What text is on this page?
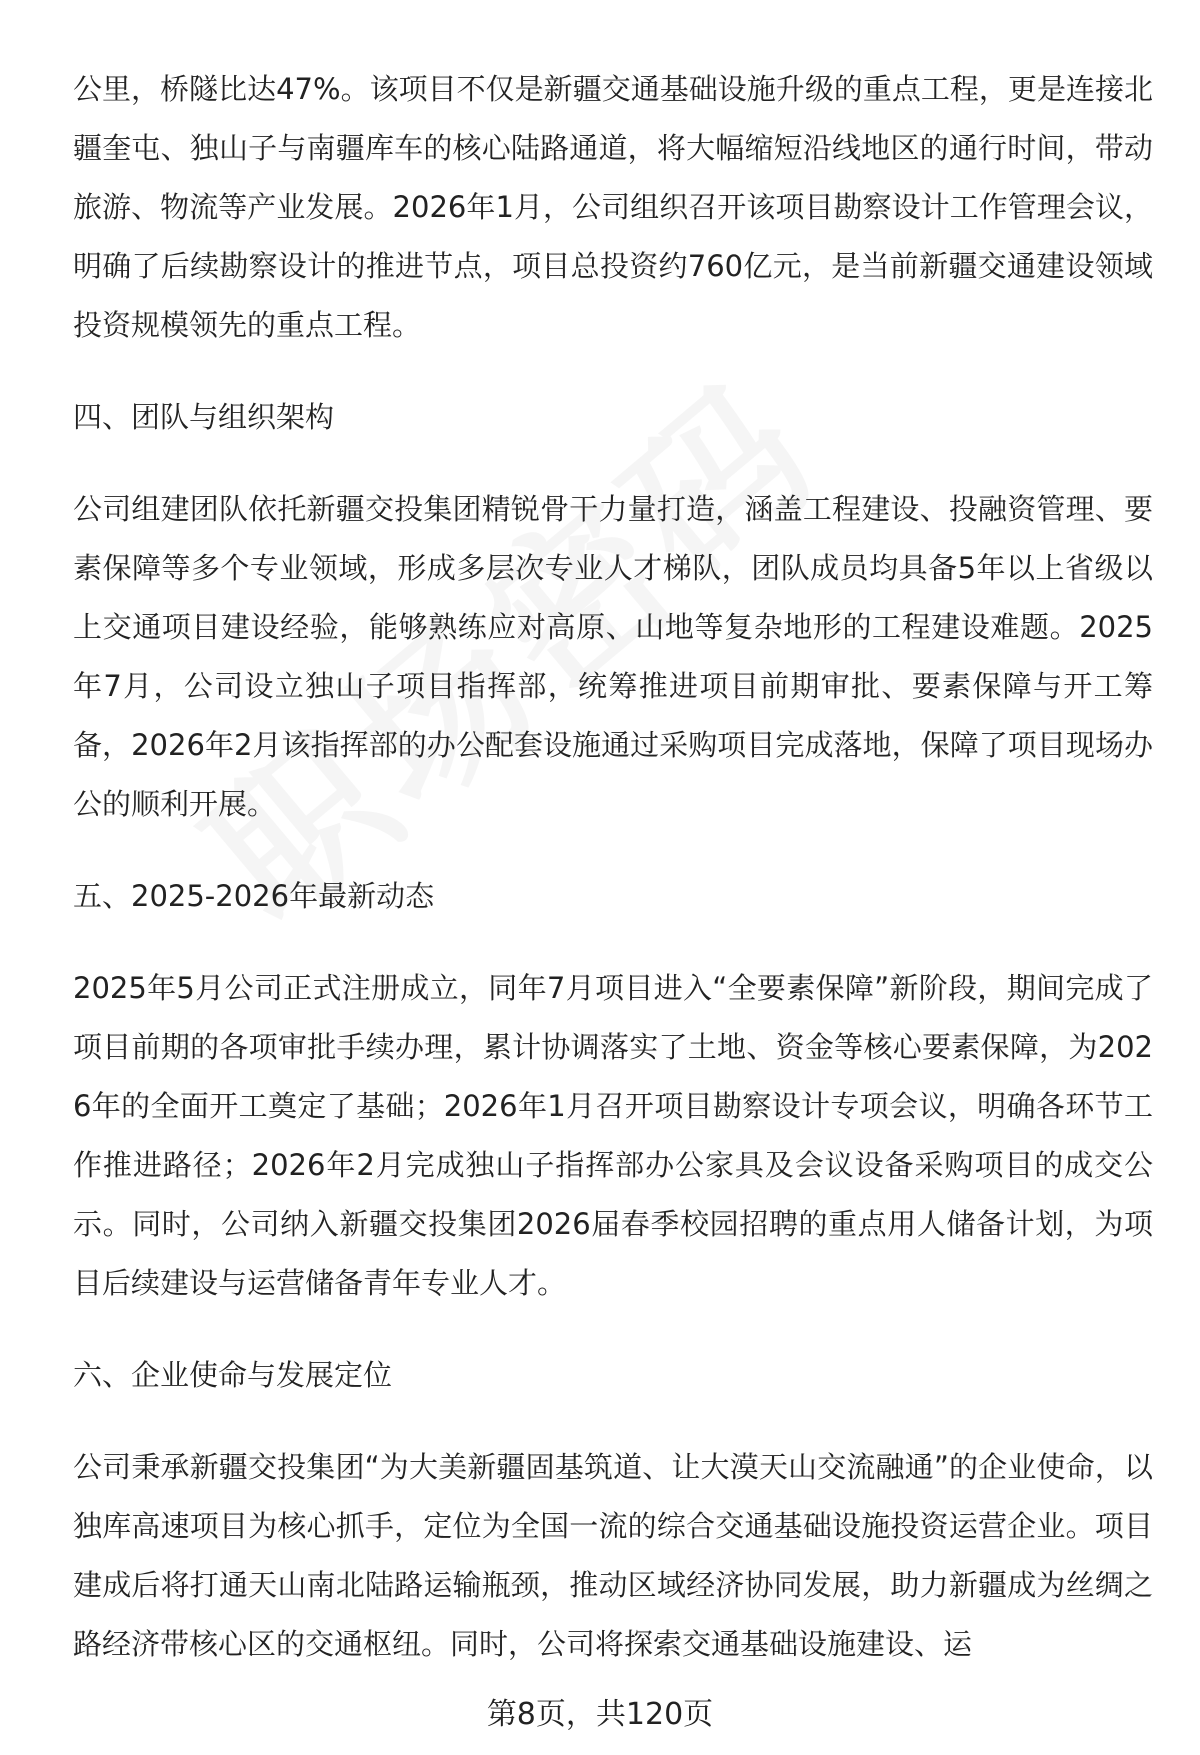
公里，桥隧比达47%。该项目不仅是新疆交通基础设施升级的重点工程，更是连接北疆奎屯、独山子与南疆库车的核心陆路通道，将大幅缩短沿线地区的通行时间，带动旅游、物流等产业发展。2026年1月，公司组织召开该项目勘察设计工作管理会议，明确了后续勘察设计的推进节点，项目总投资约760亿元，是当前新疆交通建设领域投资规模领先的重点工程。

四、团队与组织架构

公司组建团队依托新疆交投集团精锐骨干力量打造，涵盖工程建设、投融资管理、要素保障等多个专业领域，形成多层次专业人才梯队，团队成员均具备5年以上省级以上交通项目建设经验，能够熟练应对高原、山地等复杂地形的工程建设难题。2025年7月，公司设立独山子项目指挥部，统筹推进项目前期审批、要素保障与开工筹备，2026年2月该指挥部的办公配套设施通过采购项目完成落地，保障了项目现场办公的顺利开展。

五、2025-2026年最新动态

2025年5月公司正式注册成立，同年7月项目进入“全要素保障”新阶段，期间完成了项目前期的各项审批手续办理，累计协调落实了土地、资金等核心要素保障，为2026年的全面开工奠定了基础；2026年1月召开项目勘察设计专项会议，明确各环节工作推进路径；2026年2月完成独山子指挥部办公家具及会议设备采购项目的成交公示。同时，公司纳入新疆交投集团2026届春季校园招聘的重点用人储备计划，为项目后续建设与运营储备青年专业人才。

六、企业使命与发展定位

公司秉承新疆交投集团“为大美新疆固基筑道、让大漠天山交流融通”的企业使命，以独库高速项目为核心抓手，定位为全国一流的综合交通基础设施投资运营企业。项目建成后将打通天山南北陆路运输瓶颈，推动区域经济协同发展，助力新疆成为丝绸之路经济带核心区的交通枢纽。同时，公司将探索交通基础设施建设、运

第8页，共120页
